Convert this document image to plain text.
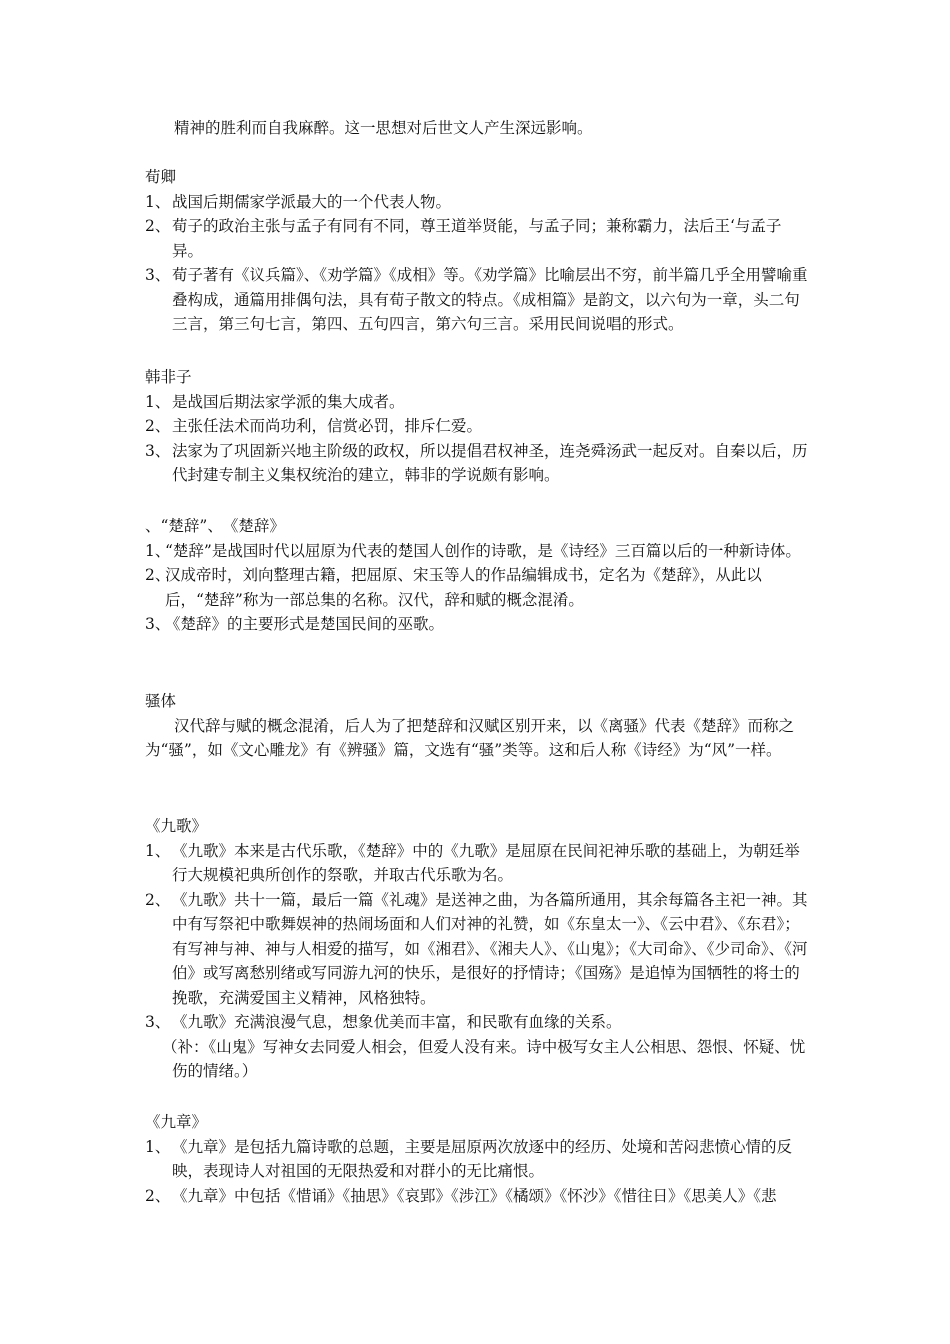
精神的胜利而自我麻醉。这一思想对后世文人产生深远影响。

荀卿

1、 战国后期儒家学派最大的一个代表人物。
2、 荀子的政治主张与孟子有同有不同，尊王道举贤能，与孟子同；兼称霸力，法后王‘与孟子异。
3、 荀子著有《议兵篇》、《劝学篇》《成相》等。《劝学篇》比喻层出不穷，前半篇几乎全用譬喻重叠构成，通篇用排偶句法，具有荀子散文的特点。《成相篇》是韵文，以六句为一章，头二句三言，第三句七言，第四、五句四言，第六句三言。采用民间说唱的形式。

韩非子

1、 是战国后期法家学派的集大成者。
2、 主张任法术而尚功利，信赏必罚，排斥仁爱。
3、 法家为了巩固新兴地主阶级的政权，所以提倡君权神圣，连尧舜汤武一起反对。自秦以后，历代封建专制主义集权统治的建立，韩非的学说颇有影响。

、“楚辞”、　《楚辞》

1、
“楚辞”是战国时代以屈原为代表的楚国人创作的诗歌，是《诗经》三百篇以后的一种新诗体。
2、
汉成帝时，刘向整理古籍，把屈原、宋玉等人的作品编辑成书，定名为《楚辞》，从此以后，“楚辞”称为一部总集的名称。汉代，辞和赋的概念混淆。
3、
《楚辞》的主要形式是楚国民间的巫歌。

骚体

汉代辞与赋的概念混淆，后人为了把楚辞和汉赋区别开来，以《离骚》代表《楚辞》而称之为“骚”，如《文心雕龙》有《辨骚》篇，文选有“骚”类等。这和后人称《诗经》为“风”一样。

《九歌》

1、 《九歌》本来是古代乐歌，《楚辞》中的《九歌》是屈原在民间祀神乐歌的基础上，为朝廷举行大规模祀典所创作的祭歌，并取古代乐歌为名。
2、 《九歌》共十一篇，最后一篇《礼魂》是送神之曲，为各篇所通用，其余每篇各主祀一神。其中有写祭祀中歌舞娱神的热闹场面和人们对神的礼赞，如《东皇太一》、《云中君》、《东君》；有写神与神、神与人相爱的描写，如《湘君》、《湘夫人》、《山鬼》；《大司命》、《少司命》、《河伯》或写离愁别绪或写同游九河的快乐，是很好的抒情诗；《国殇》是追悼为国牺牲的将士的挽歌，充满爱国主义精神，风格独特。
3、 《九歌》充满浪漫气息，想象优美而丰富，和民歌有血缘的关系。

（补：《山鬼》写神女去同爱人相会，但爱人没有来。诗中极写女主人公相思、怨恨、怀疑、忧伤的情绪。）

《九章》

1、 《九章》是包括九篇诗歌的总题，主要是屈原两次放逐中的经历、处境和苦闷悲愤心情的反映，表现诗人对祖国的无限热爱和对群小的无比痛恨。
2、 《九章》中包括《惜诵》《抽思》《哀郢》《涉江》《橘颂》《怀沙》《惜往日》《思美人》《悲
